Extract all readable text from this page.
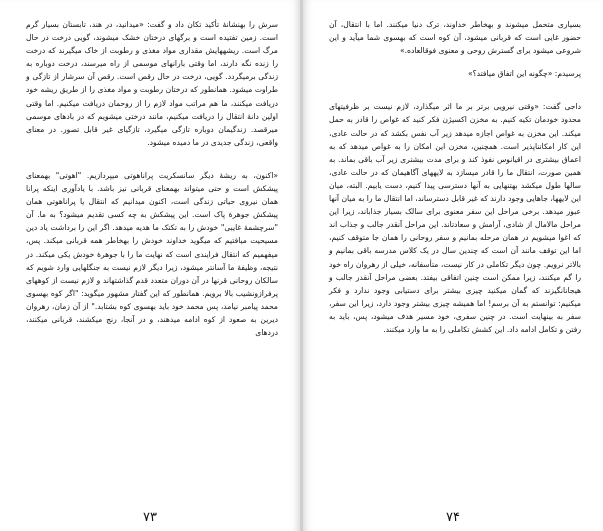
سرش را بهنشانهٔ تأکید تکان داد و گفت: «میدانید، در هند، تابستان بسیار گرم است. زمین تفتیده است و برگهای درختان خشک میشوند، گویی درخت در حال مرگ است. ریشههایش مقداری مواد مغذی و رطوبت از خاک میگیرند که درخت را زنده نگه دارند، اما وقتی بارانهای موسمی از راه میرسند، درخت دوباره به زندگی برمیگردد. گویی، درخت در حال رقص است. رقص آن سرشار از تازگی و طراوت میشود. همانطور که درختان رطوبت و مواد مغذی را از طریق ریشه خود دریافت میکنند، ما هم مراتب مواد لازم را از روحمان دریافت میکنیم. اما وقتی اولین دانهٔ انتقال را دریافت میکنیم، مانند درختی میشویم که در بادهای موسمی میرقصد. زندگیمان دوباره تازگی میگیرد، تازگیای غیر قابل تصور. در معنای واقعی، زندگی جدیدی در ما دمیده میشود.

«اکنون، به ریشهٔ دیگر سانسکریت پراناهوتی میپردازیم. "اهوتی" بهمعنای پیشکش است و حتی میتواند بهمعنای قربانی نیز باشد. با یادآوری اینکه پرانا همان نیروی حیاتی زندگی است، اکنون میدانیم که انتقال یا پراناهوتی همان پیشکش جوهرهٔ پاک است. این پیشکش به چه کسی تقدیم میشود؟ به ما. آن "سرچشمهٔ غایبی" خودش را به تکتک ما هدیه میدهد. اگر این را برداشت یاد دین مسیحیت میافتیم که میگوید خداوند خودش را بهخاطر همه قربانی میکند. پس، میفهمیم که انتقال فرایندی است که نهایت ما را با جوهرهٔ خودش یکی میکند. در نتیجه، وظیفهٔ ما آسانتر میشود، زیرا دیگر لازم نیست به جنگلهایی وارد شویم که سالکان روحانی قرنها در آن دوران متعدد قدم گذاشتهاند و لازم نیست از کوههای پرفرازونشیب بالا برویم. همانطور که این گفتار مشهور میگوید: "اگر کوه بهسوی محمد پیامبر نیامد، پس محمد خود باید بهسوی کوه بشتابد." از آن زمان، رهروان دیرین به صعود از کوه ادامه میدهند، و در آنجا، رنج میکشند، قربانی میکنند، دردهای

۷۳

بسیاری متحمل میشوند و بهخاطر خداوند، ترک دنیا میکنند. اما با انتقال، آن حضور غایی است که قربانی میشود، آن کوه است که بهسوی شما میآید و این شروعی میشود برای گسترش روحی و معنوی فوقالعاده.»

پرسیدم: «چگونه این اتفاق میافتد؟»

داجی گفت: «وقتی نیرویی برتر بر ما اثر میگذارد، لازم نیست بر ظرفیتهای محدود خودمان تکیه کنیم. به مخزن اکسیژن فکر کنید که غواص را قادر به حمل میکند. این مخزن به غواص اجازه میدهد زیر آب نفس بکشد که در حالت عادی، این کار امکانناپذیر است. همچنین، مخزن این امکان را به غواص میدهد که به اعماق بیشتری در اقیانوس نفوذ کند و برای مدت بیشتری زیر آب باقی بماند. به همین صورت، انتقال ما را قادر میسازد به لایههای آگاهیمان که در حالت عادی، سالها طول میکشد بهتنهایی به آنها دسترسی پیدا کنیم، دست یابیم. البته، میان این لایهها، جاهایی وجود دارند که غیر قابل دسترساند، اما انتقال ما را به میان آنها عبور میدهد. برخی مراحل این سفر معنوی برای سالک بسیار جذاباند، زیرا این مراحل مالامال از شادی، آرامش و سعادتاند. این مراحل آنقدر جالب و جذاب اند که اغوا میشویم در همان مرحله بمانیم و سفر روحانی را همان جا متوقف کنیم، اما این توقف مانند آن است که چندین سال در یک کلاس مدرسه باقی بمانیم و بالاتر نرویم. چون دیگر تکاملی در کار نیست، متأسفانه، خیلی از رهروان راه خود را گم میکنند، زیرا ممکن است چنین اتفاقی بیفتد. بعضی مراحل آنقدر جالب و هیجانانگیزند که گمان میکنید چیزی بیشتر برای دستیابی وجود ندارد و فکر میکنیم: توانستم به آن برسم! اما همیشه چیزی بیشتر وجود دارد، زیرا این سفر، سفر به بینهایت است. در چنین سفری، خود مسیر هدف میشود، پس، باید به رفتن و تکامل ادامه داد. این کشش تکاملی را به ما وارد میکنند.

۷۴
